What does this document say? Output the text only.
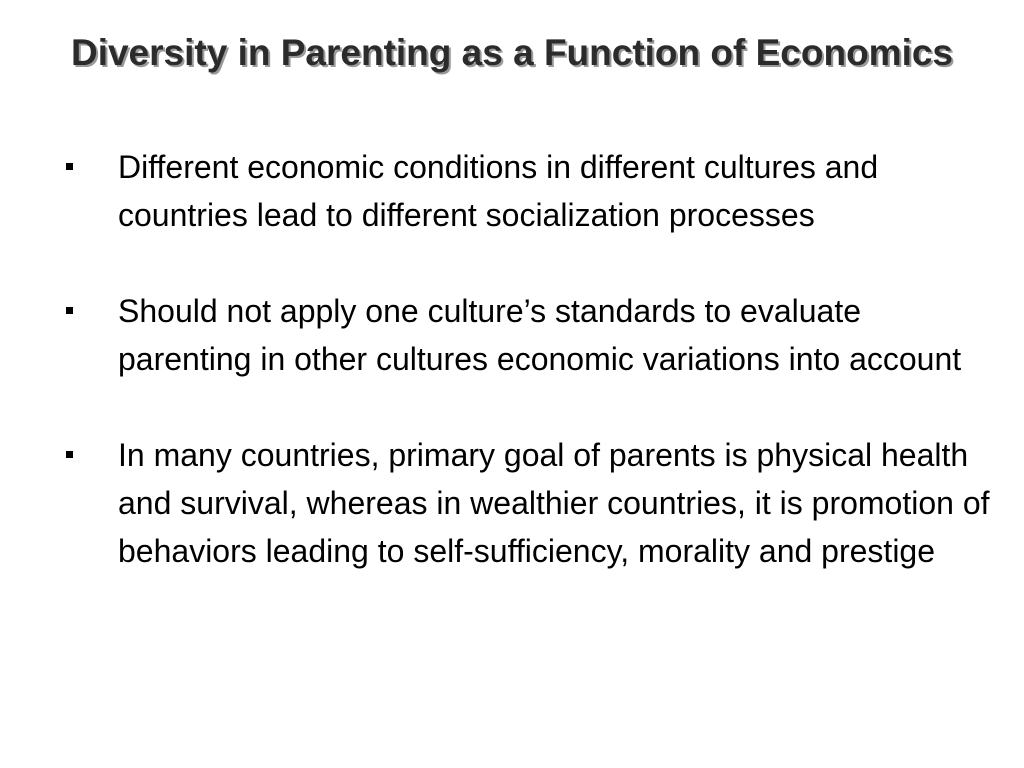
Diversity in Parenting as a Function of Economics
Different economic conditions in different cultures and countries lead to different socialization processes
Should not apply one culture’s standards to evaluate parenting in other cultures economic variations into account
In many countries, primary goal of parents is physical health and survival, whereas in wealthier countries, it is promotion of behaviors leading to self-sufficiency, morality and prestige
